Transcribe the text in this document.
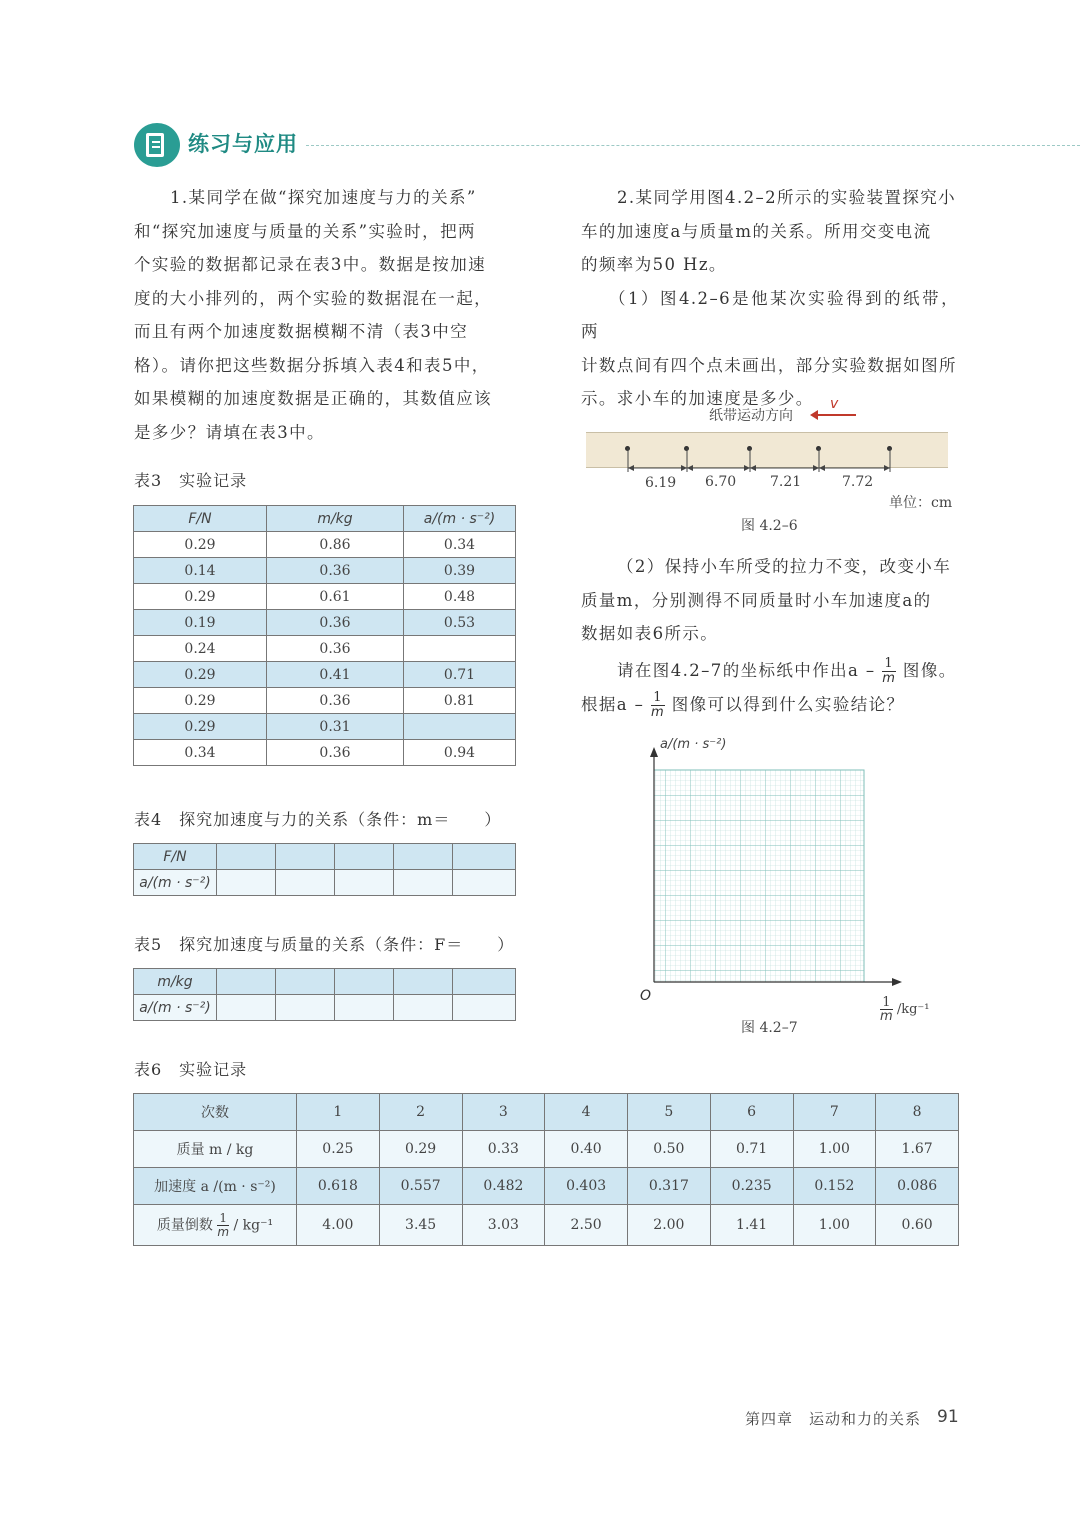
练习与应用

1.某同学在做“探究加速度与力的关系”

和“探究加速度与质量的关系”实验时，把两

个实验的数据都记录在表3中。数据是按加速

度的大小排列的，两个实验的数据混在一起，

而且有两个加速度数据模糊不清（表3中空

格）。请你把这些数据分拆填入表4和表5中，

如果模糊的加速度数据是正确的，其数值应该

是多少？请填在表3中。

表3　实验记录
F/N	m/kg	a/(m · s⁻²)
0.29	0.86	0.34
0.14	0.36	0.39
0.29	0.61	0.48
0.19	0.36	0.53
0.24	0.36	
0.29	0.41	0.71
0.29	0.36	0.81
0.29	0.31	
0.34	0.36	0.94
表4　探究加速度与力的关系（条件：m＝　　）
F/N					
a/(m · s⁻²)					
表5　探究加速度与质量的关系（条件：F＝　　）
m/kg					
a/(m · s⁻²)					

2.某同学用图4.2–2所示的实验装置探究小

车的加速度a与质量m的关系。所用交变电流

的频率为50 Hz。

（1）图4.2–6是他某次实验得到的纸带，两

计数点间有四个点未画出，部分实验数据如图所

示。求小车的加速度是多少。

纸带运动方向
v
6.19 6.70 7.21	7.72
单位：cm
图 4.2–6

（2）保持小车所受的拉力不变，改变小车

质量m，分别测得不同质量时小车加速度a的

数据如表6所示。

请在图4.2–7的坐标纸中作出a – $\frac{1}{m}$ 图像。
根据a – $\frac{1}{m}$ 图像可以得到什么实验结论？
a/(m · s⁻²)
O	$\frac{1}{m} /kg^{-1}$
图 4.2–7
表6　实验记录
次数	1	2	3	4	5	6	7	8
质量 m / kg	0.25	0.29	0.33	0.40	0.50	0.71	1.00	1.67
加速度 a /(m · s⁻²)	0.618	0.557	0.482	0.403	0.317	0.235	0.152	0.086
质量倒数 $\frac{1}{m} / kg^{-1}$	4.00	3.45	3.03	2.50	2.00	1.41	1.00	0.60
第四章　运动和力的关系 91
